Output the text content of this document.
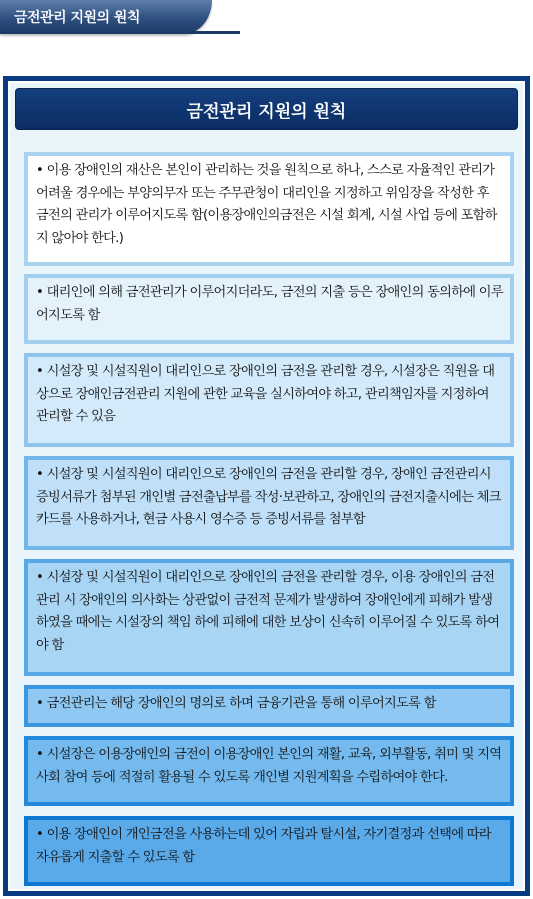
금전관리 지원의 원칙
금전관리 지원의 원칙

• 이용 장애인의 재산은 본인이 관리하는 것을 원칙으로 하나, 스스로 자율적인 관리가 어려울 경우에는 부양의무자 또는 주무관청이 대리인을 지정하고 위임장을 작성한 후 금전의 관리가 이루어지도록 함(이용장애인의금전은 시설 회계, 시설 사업 등에 포함하지 않아야 한다.)

• 대리인에 의해 금전관리가 이루어지더라도, 금전의 지출 등은 장애인의 동의하에 이루어지도록 함

• 시설장 및 시설직원이 대리인으로 장애인의 금전을 관리할 경우, 시설장은 직원을 대상으로 장애인금전관리 지원에 관한 교육을 실시하여야 하고, 관리책임자를 지정하여 관리할 수 있음

• 시설장 및 시설직원이 대리인으로 장애인의 금전을 관리할 경우, 장애인 금전관리시 증빙서류가 첨부된 개인별 금전출납부를 작성·보관하고, 장애인의 금전지출시에는 체크카드를 사용하거나, 현금 사용시 영수증 등 증빙서류를 첨부함

• 시설장 및 시설직원이 대리인으로 장애인의 금전을 관리할 경우, 이용 장애인의 금전관리 시 장애인의 의사화는 상관없이 금전적 문제가 발생하여 장애인에게 피해가 발생하였을 때에는 시설장의 책임 하에 피해에 대한 보상이 신속히 이루어질 수 있도록 하여야 함

• 금전관리는 해당 장애인의 명의로 하며 금융기관을 통해 이루어지도록 함

• 시설장은 이용장애인의 금전이 이용장애인 본인의 재활, 교육, 외부활동, 취미 및 지역사회 참여 등에 적절히 활용될 수 있도록 개인별 지원계획을 수립하여야 한다.

• 이용 장애인이 개인금전을 사용하는데 있어 자립과 탈시설, 자기결정과 선택에 따라 자유롭게 지출할 수 있도록 함
